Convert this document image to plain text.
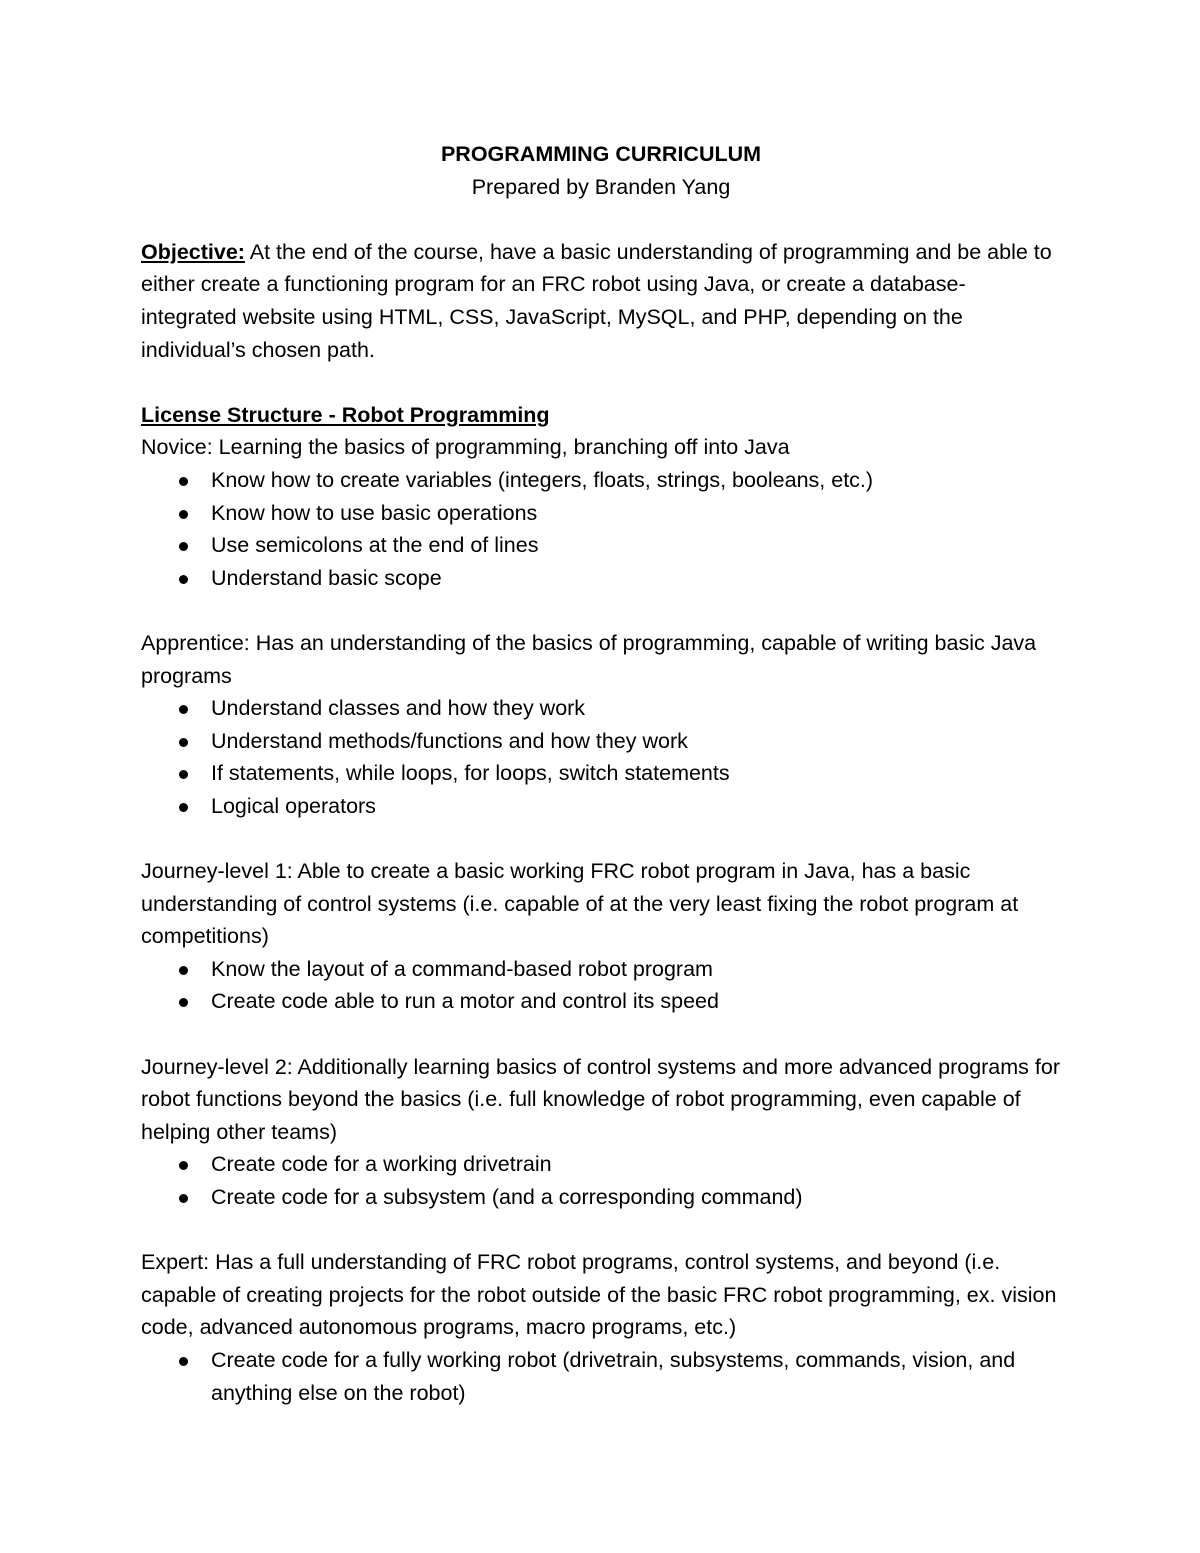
PROGRAMMING CURRICULUM

Prepared by Branden Yang

Objective: At the end of the course, have a basic understanding of programming and be able to either create a functioning program for an FRC robot using Java, or create a database-integrated website using HTML, CSS, JavaScript, MySQL, and PHP, depending on the individual’s chosen path.

License Structure - Robot Programming

Novice: Learning the basics of programming, branching off into Java

Know how to create variables (integers, floats, strings, booleans, etc.)
Know how to use basic operations
Use semicolons at the end of lines
Understand basic scope

Apprentice: Has an understanding of the basics of programming, capable of writing basic Java programs

Understand classes and how they work
Understand methods/functions and how they work
If statements, while loops, for loops, switch statements
Logical operators

Journey-level 1: Able to create a basic working FRC robot program in Java, has a basic understanding of control systems (i.e. capable of at the very least fixing the robot program at competitions)

Know the layout of a command-based robot program
Create code able to run a motor and control its speed

Journey-level 2: Additionally learning basics of control systems and more advanced programs for robot functions beyond the basics (i.e. full knowledge of robot programming, even capable of helping other teams)

Create code for a working drivetrain
Create code for a subsystem (and a corresponding command)

Expert: Has a full understanding of FRC robot programs, control systems, and beyond (i.e. capable of creating projects for the robot outside of the basic FRC robot programming, ex. vision code, advanced autonomous programs, macro programs, etc.)

Create code for a fully working robot (drivetrain, subsystems, commands, vision, and anything else on the robot)
